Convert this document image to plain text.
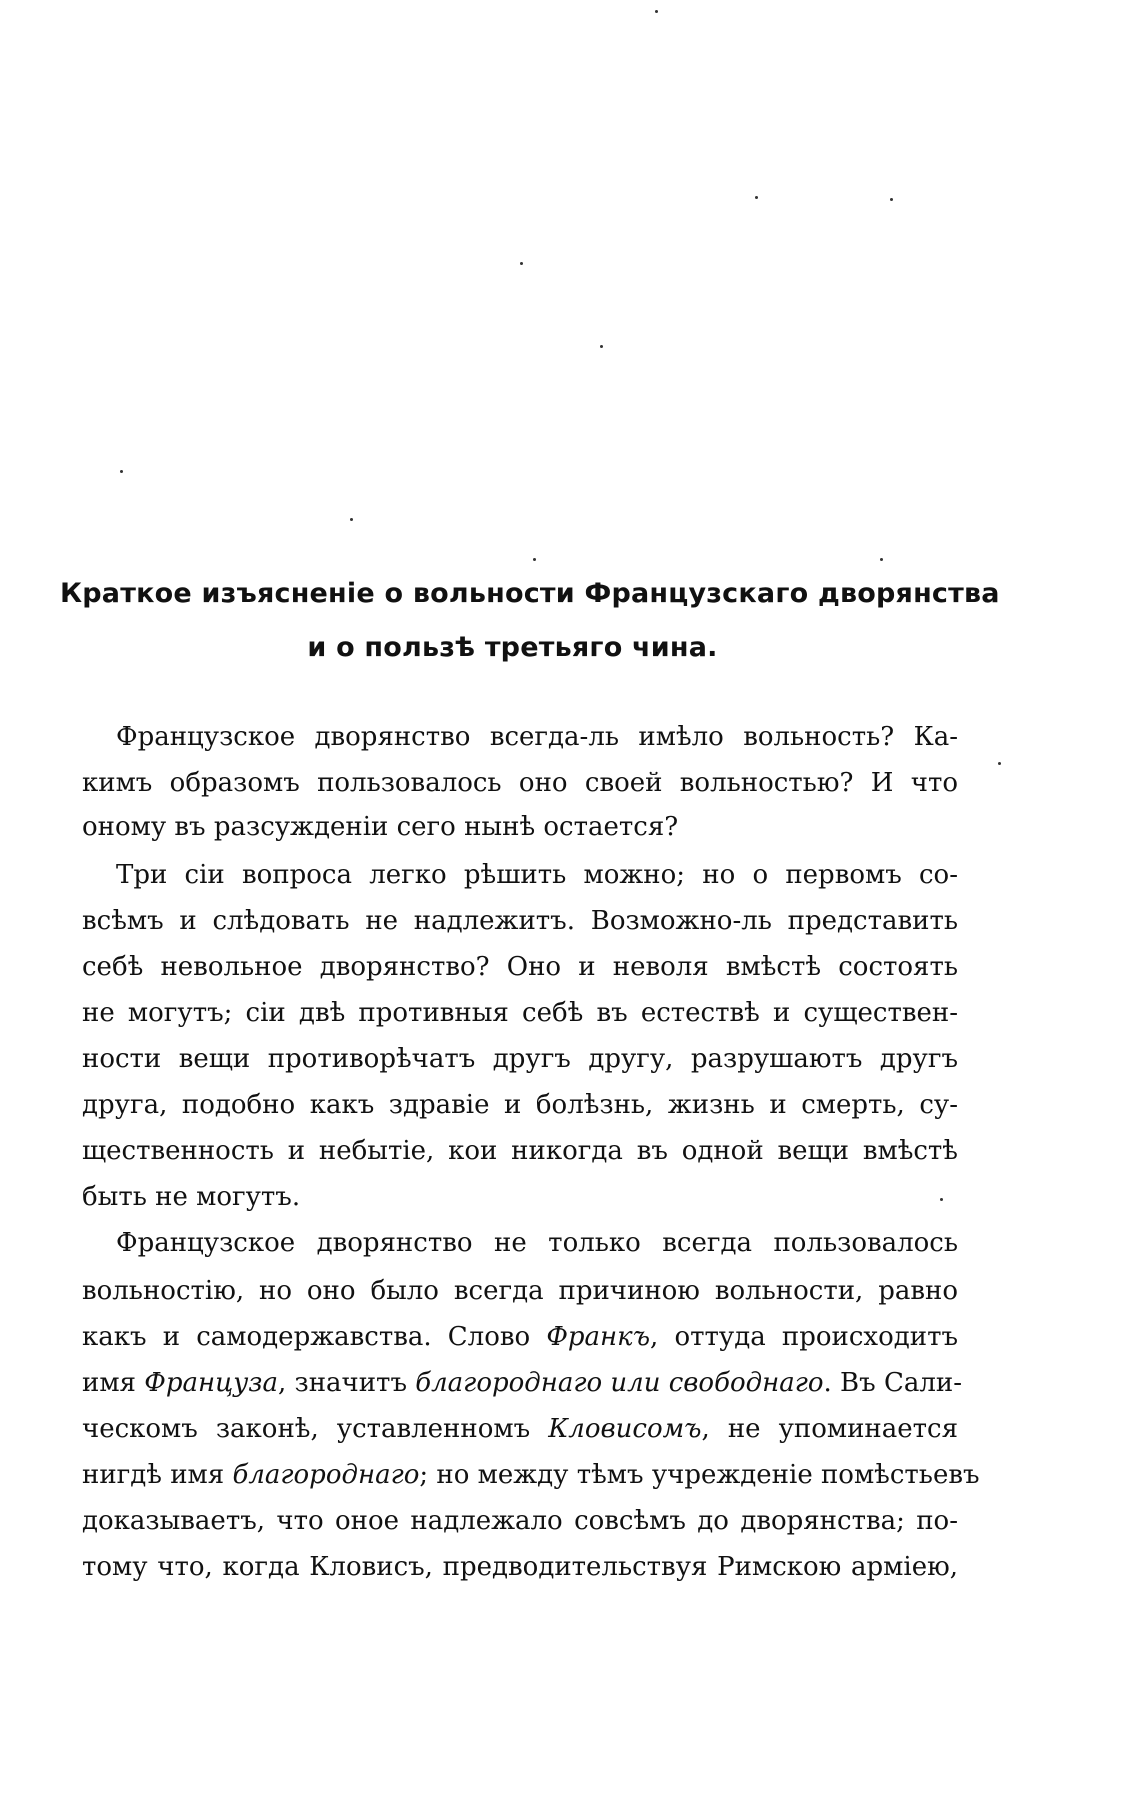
Краткое изъясненіе о вольности Французскаго дворянства
и о пользѣ третьяго чина.
Французское дворянство всегда-ль имѣло вольность? Ка-
кимъ образомъ пользовалось оно своей вольностью? И что
оному въ разсужденіи сего нынѣ остается?
Три сіи вопроса легко рѣшить можно; но о первомъ со-
всѣмъ и слѣдовать не надлежитъ. Возможно-ль представить
себѣ невольное дворянство? Оно и неволя вмѣстѣ состоять
не могутъ; сіи двѣ противныя себѣ въ естествѣ и существен-
ности вещи противорѣчатъ другъ другу, разрушаютъ другъ
друга, подобно какъ здравіе и болѣзнь, жизнь и смерть, су-
щественность и небытіе, кои никогда въ одной вещи вмѣстѣ
быть не могутъ.
Французское дворянство не только всегда пользовалось
вольностію, но оно было всегда причиною вольности, равно
какъ и самодержавства. Слово Франкъ, оттуда происходитъ
имя Француза, значитъ благороднаго или свободнаго. Въ Сали-
ческомъ законѣ, уставленномъ Кловисомъ, не упоминается
нигдѣ имя благороднаго; но между тѣмъ учрежденіе помѣстьевъ
доказываетъ, что оное надлежало совсѣмъ до дворянства; по-
тому что, когда Кловисъ, предводительствуя Римскою арміею,
